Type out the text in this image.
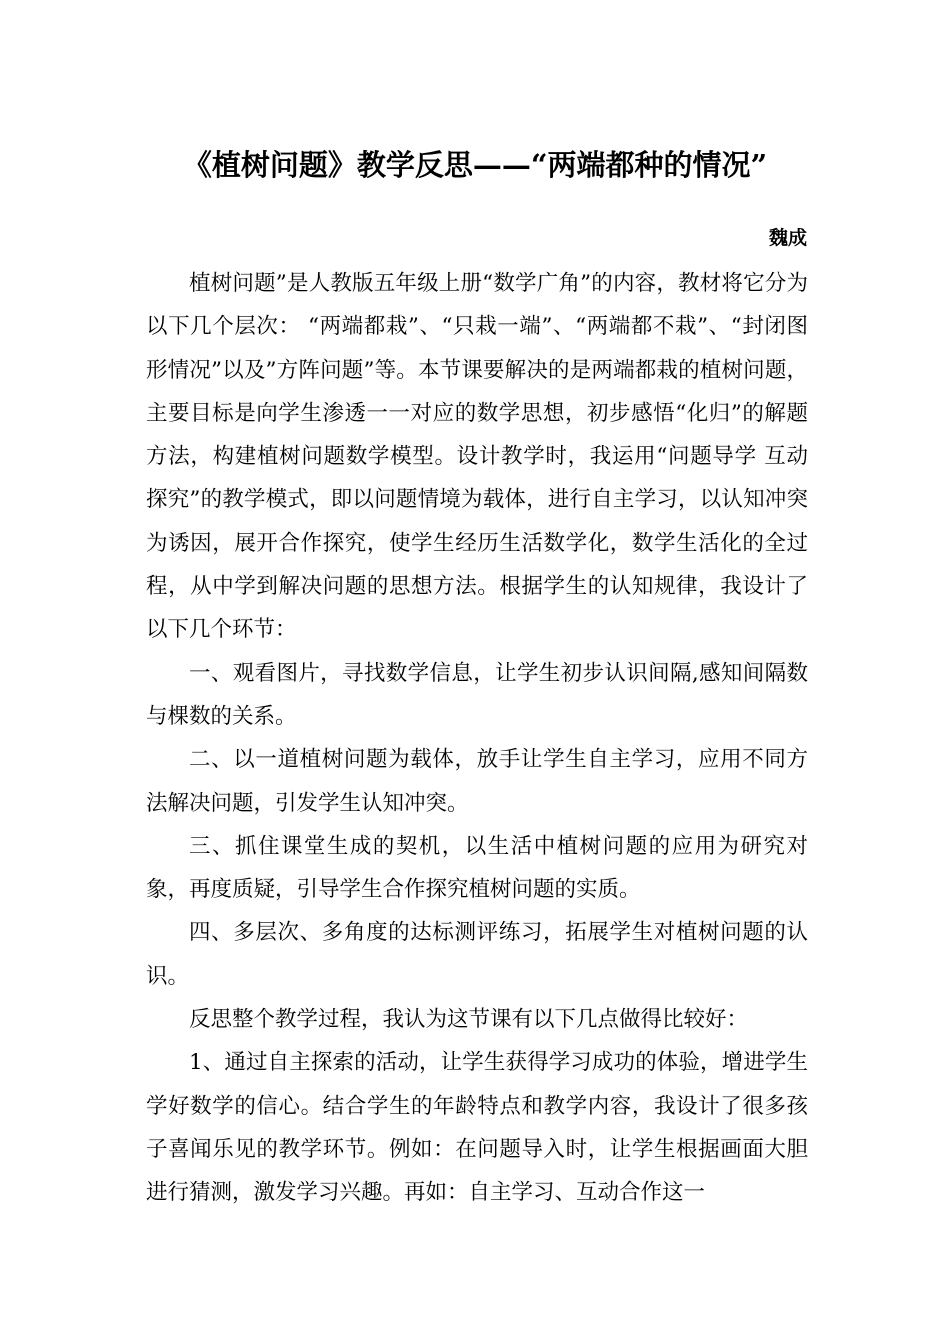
《植树问题》教学反思——“两端都种的情况”
魏成

植树问题”是人教版五年级上册“数学广角”的内容，教材将它分为以下几个层次： “两端都栽”、“只栽一端”、“两端都不栽”、“封闭图形情况”以及”方阵问题”等。本节课要解决的是两端都栽的植树问题，主要目标是向学生渗透一一对应的数学思想，初步感悟“化归”的解题方法，构建植树问题数学模型。设计教学时，我运用“问题导学 互动探究”的教学模式，即以问题情境为载体，进行自主学习，以认知冲突为诱因，展开合作探究，使学生经历生活数学化，数学生活化的全过程，从中学到解决问题的思想方法。根据学生的认知规律，我设计了以下几个环节：

一、观看图片，寻找数学信息，让学生初步认识间隔,感知间隔数与棵数的关系。

二、以一道植树问题为载体，放手让学生自主学习，应用不同方法解决问题，引发学生认知冲突。

三、抓住课堂生成的契机，以生活中植树问题的应用为研究对象，再度质疑，引导学生合作探究植树问题的实质。

四、多层次、多角度的达标测评练习，拓展学生对植树问题的认识。

反思整个教学过程，我认为这节课有以下几点做得比较好：

1、通过自主探索的活动，让学生获得学习成功的体验，增进学生学好数学的信心。结合学生的年龄特点和教学内容，我设计了很多孩子喜闻乐见的教学环节。例如：在问题导入时，让学生根据画面大胆进行猜测，激发学习兴趣。再如：自主学习、互动合作这一
